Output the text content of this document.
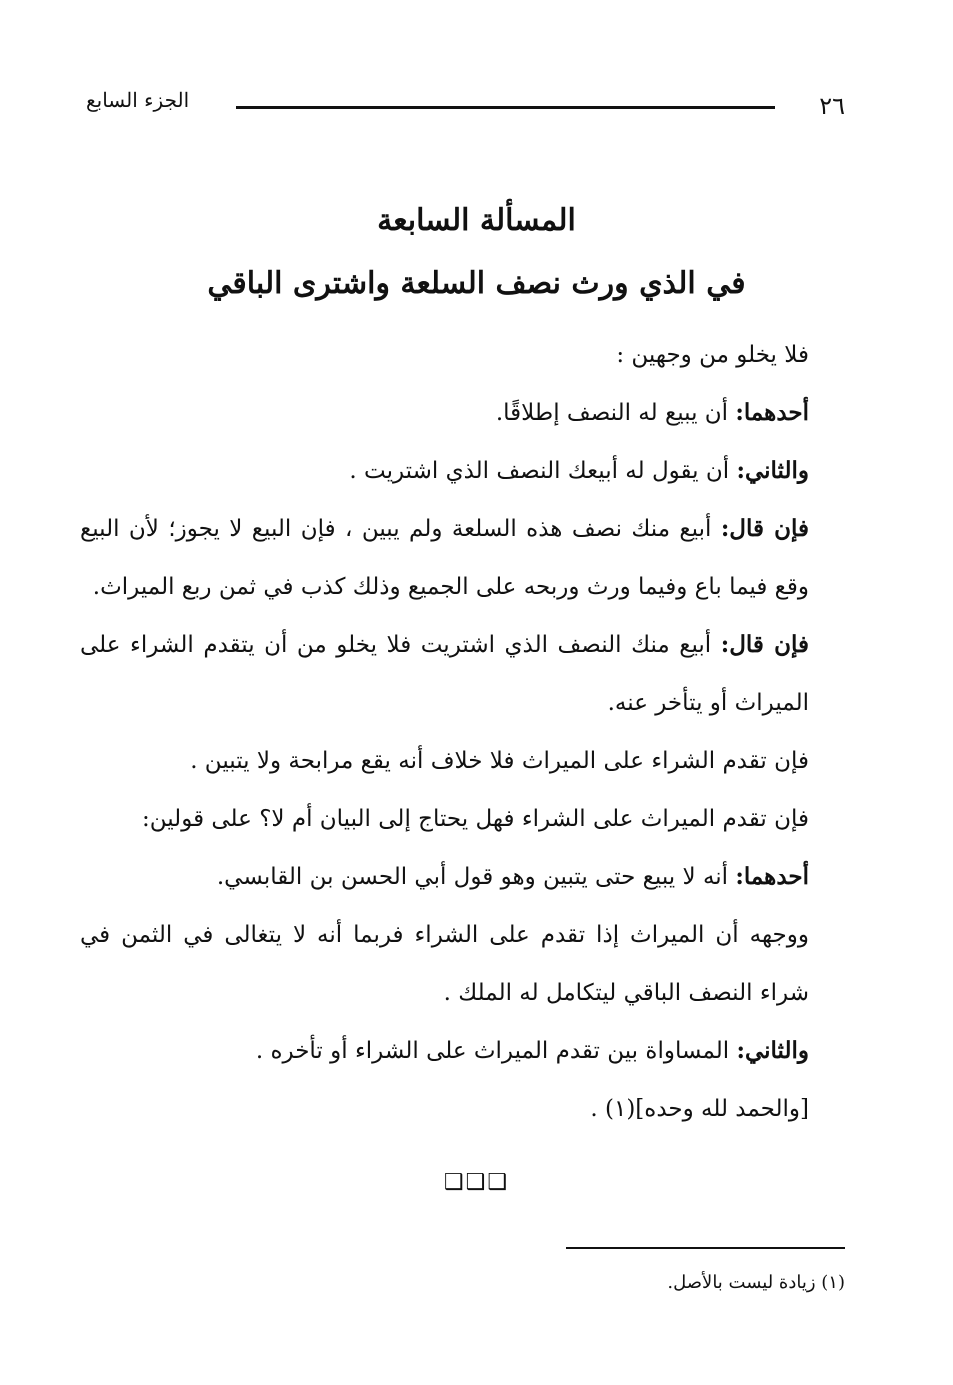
٢٦
الجزء السابع
المسألة السابعة
في الذي ورث نصف السلعة واشترى الباقي

فلا يخلو من وجهين :

أحدهما: أن يبيع له النصف إطلاقًا.

والثاني: أن يقول له أبيعك النصف الذي اشتريت .

فإن قال: أبيع منك نصف هذه السلعة ولم يبين ، فإن البيع لا يجوز؛ لأن البيع وقع فيما باع وفيما ورث وربحه على الجميع وذلك كذب في ثمن ربع الميراث.

فإن قال: أبيع منك النصف الذي اشتريت فلا يخلو من أن يتقدم الشراء على الميراث أو يتأخر عنه.

فإن تقدم الشراء على الميراث فلا خلاف أنه يقع مرابحة ولا يتبين .

فإن تقدم الميراث على الشراء فهل يحتاج إلى البيان أم لا؟ على قولين:

أحدهما: أنه لا يبيع حتى يتبين وهو قول أبي الحسن بن القابسي.

ووجهه أن الميراث إذا تقدم على الشراء فربما أنه لا يتغالى في الثمن في شراء النصف الباقي ليتكامل له الملك .

والثاني: المساواة بين تقدم الميراث على الشراء أو تأخره .

[والحمد لله وحده](١) .

❑❑❑
(١) زيادة ليست بالأصل.
